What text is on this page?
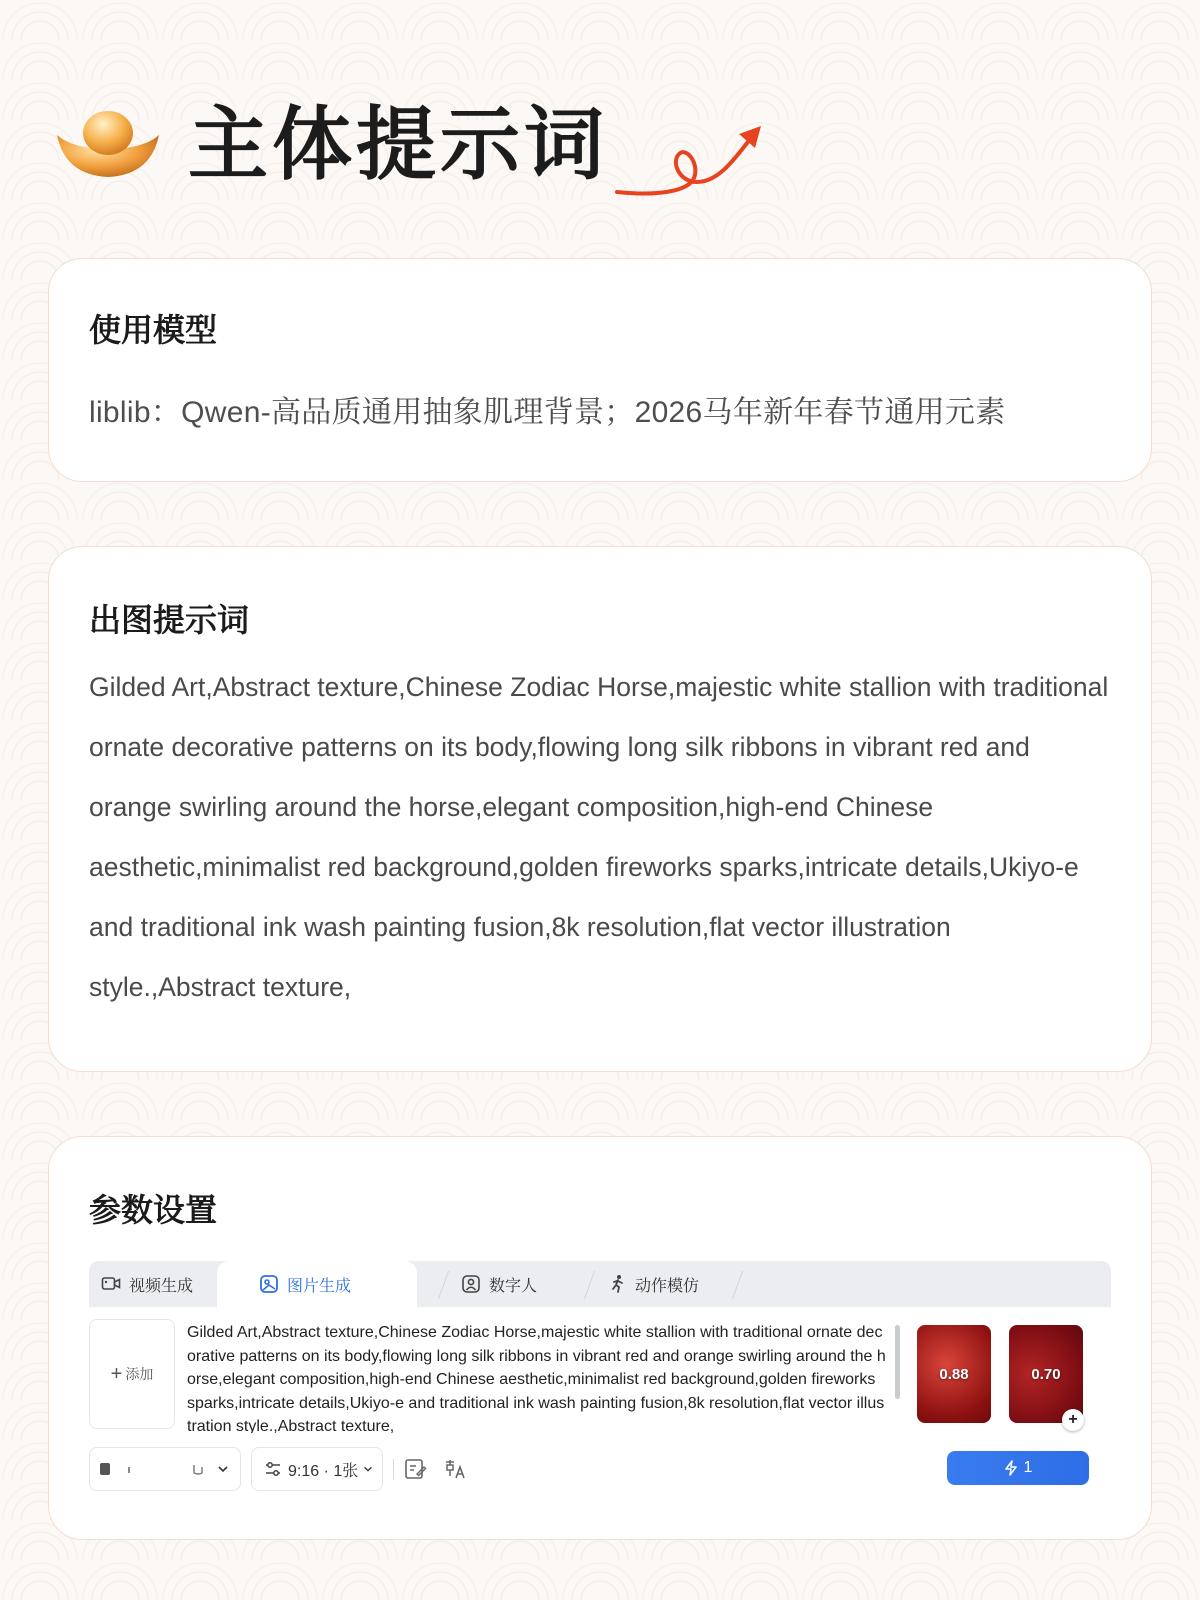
主体提示词
使用模型
liblib：Qwen-高品质通用抽象肌理背景；2026马年新年春节通用元素
出图提示词
Gilded Art,Abstract texture,Chinese Zodiac Horse,majestic white stallion with traditional ornate decorative patterns on its body,flowing long silk ribbons in vibrant red and orange swirling around the horse,elegant composition,high-end Chinese aesthetic,minimalist red background,golden fireworks sparks,intricate details,Ukiyo-e and traditional ink wash painting fusion,8k resolution,flat vector illustration style.,Abstract texture,
参数设置
视频生成	图片生成	数字人	动作模仿
+ 添加
Gilded Art,Abstract texture,Chinese Zodiac Horse,majestic white stallion with traditional ornate decorative patterns on its body,flowing long silk ribbons in vibrant red and orange swirling around the horse,elegant composition,high-end Chinese aesthetic,minimalist red background,golden fireworks sparks,intricate details,Ukiyo-e and traditional ink wash painting fusion,8k resolution,flat vector illustration style.,Abstract texture,
0.88	0.70
+
9:16 · 1张	1
